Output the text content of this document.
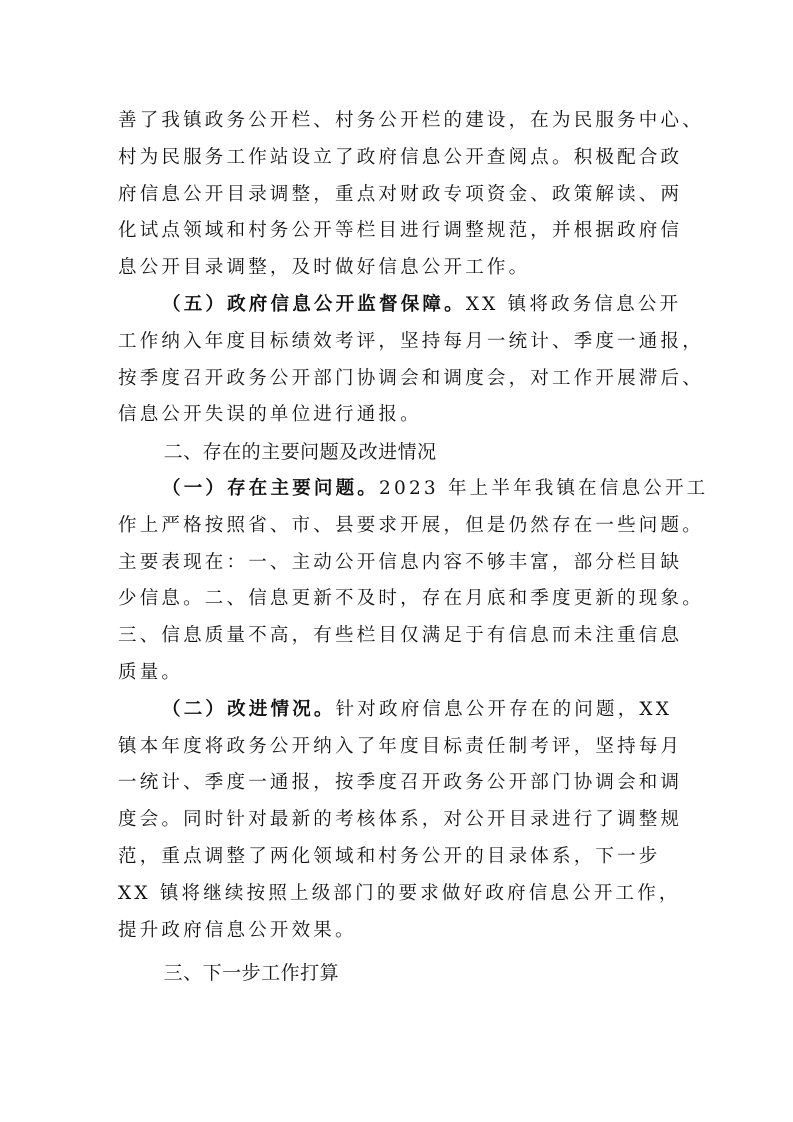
善了我镇政务公开栏、村务公开栏的建设，在为民服务中心、
村为民服务工作站设立了政府信息公开查阅点。积极配合政
府信息公开目录调整，重点对财政专项资金、政策解读、两
化试点领域和村务公开等栏目进行调整规范，并根据政府信
息公开目录调整，及时做好信息公开工作。
（五）政府信息公开监督保障。XX 镇将政务信息公开
工作纳入年度目标绩效考评，坚持每月一统计、季度一通报，
按季度召开政务公开部门协调会和调度会，对工作开展滞后、
信息公开失误的单位进行通报。
二、存在的主要问题及改进情况
（一）存在主要问题。2023 年上半年我镇在信息公开工
作上严格按照省、市、县要求开展，但是仍然存在一些问题。
主要表现在：一、主动公开信息内容不够丰富，部分栏目缺
少信息。二、信息更新不及时，存在月底和季度更新的现象。
三、信息质量不高，有些栏目仅满足于有信息而未注重信息
质量。
（二）改进情况。针对政府信息公开存在的问题，XX
镇本年度将政务公开纳入了年度目标责任制考评，坚持每月
一统计、季度一通报，按季度召开政务公开部门协调会和调
度会。同时针对最新的考核体系，对公开目录进行了调整规
范，重点调整了两化领域和村务公开的目录体系，下一步
XX 镇将继续按照上级部门的要求做好政府信息公开工作，
提升政府信息公开效果。
三、下一步工作打算
